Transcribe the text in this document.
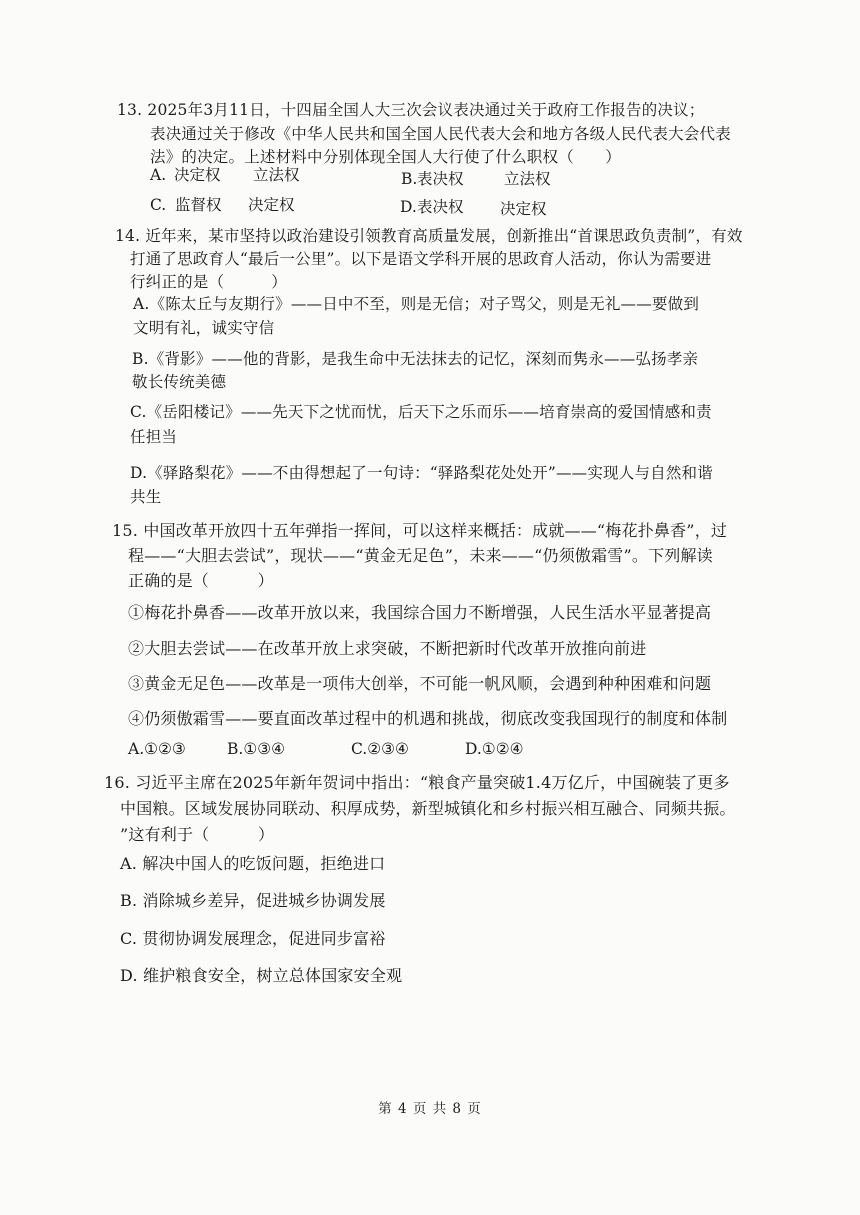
13. 2025年3月11日，十四届全国人大三次会议表决通过关于政府工作报告的决议；
表决通过关于修改《中华人民共和国全国人民代表大会和地方各级人民代表大会代表
法》的决定。上述材料中分别体现全国人大行使了什么职权（　　）
A. 决定权 立法权	B. 表决权	立法权
C. 监督权 决定权	D. 表决权 决定权
14. 近年来，某市坚持以政治建设引领教育高质量发展，创新推出“首课思政负责制”，有效
打通了思政育人“最后一公里”。以下是语文学科开展的思政育人活动，你认为需要进
行纠正的是（　　　）
A.《陈太丘与友期行》——日中不至，则是无信；对子骂父，则是无礼——要做到
文明有礼，诚实守信
B.《背影》——他的背影，是我生命中无法抹去的记忆，深刻而隽永——弘扬孝亲
敬长传统美德
C.《岳阳楼记》——先天下之忧而忧，后天下之乐而乐——培育崇高的爱国情感和责
任担当
D.《驿路梨花》——不由得想起了一句诗：“驿路梨花处处开”——实现人与自然和谐
共生
15. 中国改革开放四十五年弹指一挥间，可以这样来概括：成就——“梅花扑鼻香”，过
程——“大胆去尝试”，现状——“黄金无足色”，未来——“仍须傲霜雪”。下列解读
正确的是（　　　）
①梅花扑鼻香——改革开放以来，我国综合国力不断增强，人民生活水平显著提高
②大胆去尝试——在改革开放上求突破，不断把新时代改革开放推向前进
③黄金无足色——改革是一项伟大创举，不可能一帆风顺，会遇到种种困难和问题
④仍须傲霜雪——要直面改革过程中的机遇和挑战，彻底改变我国现行的制度和体制
A.①②③	B.①③④	C.②③④	D.①②④
16. 习近平主席在2025年新年贺词中指出：“粮食产量突破1.4万亿斤，中国碗装了更多
中国粮。区域发展协同联动、积厚成势，新型城镇化和乡村振兴相互融合、同频共振。
”这有利于（　　　）
A. 解决中国人的吃饭问题，拒绝进口
B. 消除城乡差异，促进城乡协调发展
C. 贯彻协调发展理念，促进同步富裕
D. 维护粮食安全，树立总体国家安全观
第 4 页 共 8 页
